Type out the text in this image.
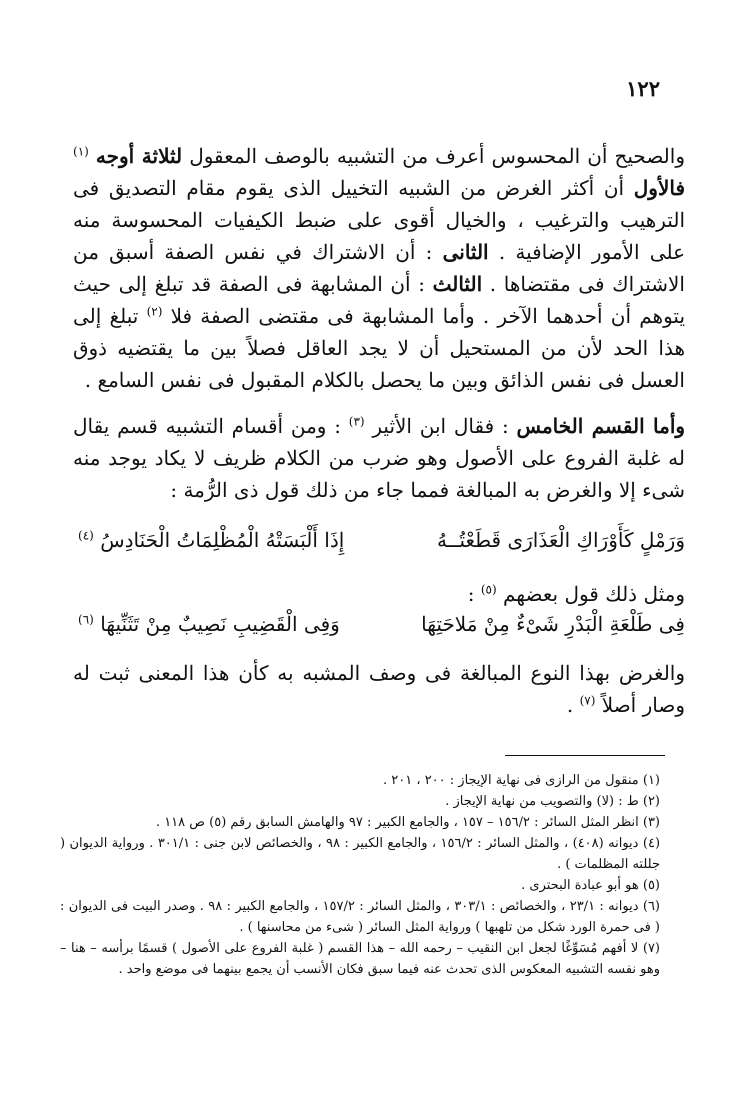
١٢٢

والصحيح أن المحسوس أعرف من التشبيه بالوصف المعقول لثلاثة أوجه $^{(١)}$ فالأول أن أكثر الغرض من الشبيه التخييل الذى يقوم مقام التصديق فى الترهيب والترغيب ، والخيال أقوى على ضبط الكيفيات المحسوسة منه على الأمور الإضافية . الثانى : أن الاشتراك في نفس الصفة أسبق من الاشتراك فى مقتضاها . الثالث : أن المشابهة فى الصفة قد تبلغ إلى حيث يتوهم أن أحدهما الآخر . وأما المشابهة فى مقتضى الصفة فلا $^{(٢)}$ تبلغ إلى هذا الحد لأن من المستحيل أن لا يجد العاقل فصلاً بين ما يقتضيه ذوق العسل فى نفس الذائق وبين ما يحصل بالكلام المقبول فى نفس السامع .

وأما القسم الخامس : فقال ابن الأثير $^{(٣)}$ : ومن أقسام التشبيه قسم يقال له غلبة الفروع على الأصول وهو ضرب من الكلام ظريف لا يكاد يوجد منه شىء إلا والغرض به المبالغة فمما جاء من ذلك قول ذى الرُّمة :

وَرَمْلٍ كَأَوْرَاكِ الْعَذَارَى قَطَعْتُــهُ
إِذَا أَلْبَسَتْهُ الْمُظْلِمَاتُ الْحَنَادِسُ $^{(٤)}$

ومثل ذلك قول بعضهم $^{(٥)}$ :

فِى طَلْعَةِ الْبَدْرِ شَىْءٌ مِنْ مَلاحَتِهَا
وَفِى الْقَضِيبِ نَصِيبٌ مِنْ تَثَنِّيهَا $^{(٦)}$

والغرض بهذا النوع المبالغة فى وصف المشبه به كأن هذا المعنى ثبت له وصار أصلاً $^{(٧)}$ .

(١) منقول من الرازى فى نهاية الإيجاز : ٢٠٠ ، ٢٠١ .

(٢) ط : (لا) والتصويب من نهاية الإيجاز .

(٣) انظر المثل السائر : ١٥٦/٢ – ١٥٧ ، والجامع الكبير : ٩٧ والهامش السابق رقم (٥) ص ١١٨ .

(٤) ديوانه (٤٠٨) ، والمثل السائر : ١٥٦/٢ ، والجامع الكبير : ٩٨ ، والخصائص لابن جنى : ٣٠١/١ . ورواية الديوان ( جللته المظلمات ) .

(٥) هو أبو عبادة البحترى .

(٦) ديوانه : ٢٣/١ ، والخصائص : ٣٠٣/١ ، والمثل السائر : ١٥٧/٢ ، والجامع الكبير : ٩٨ . وصدر البيت فى الديوان : ( فى حمرة الورد شكل من تلهبها ) ورواية المثل السائر ( شىء من محاسنها ) .

(٧) لا أفهم مُسَوِّغًا لجعل ابن النقيب – رحمه الله – هذا القسم ( غلبة الفروع على الأصول ) قسمًا برأسه – هنا – وهو نفسه التشبيه المعكوس الذى تحدث عنه فيما سبق فكان الأنسب أن يجمع بينهما فى موضع واحد .
